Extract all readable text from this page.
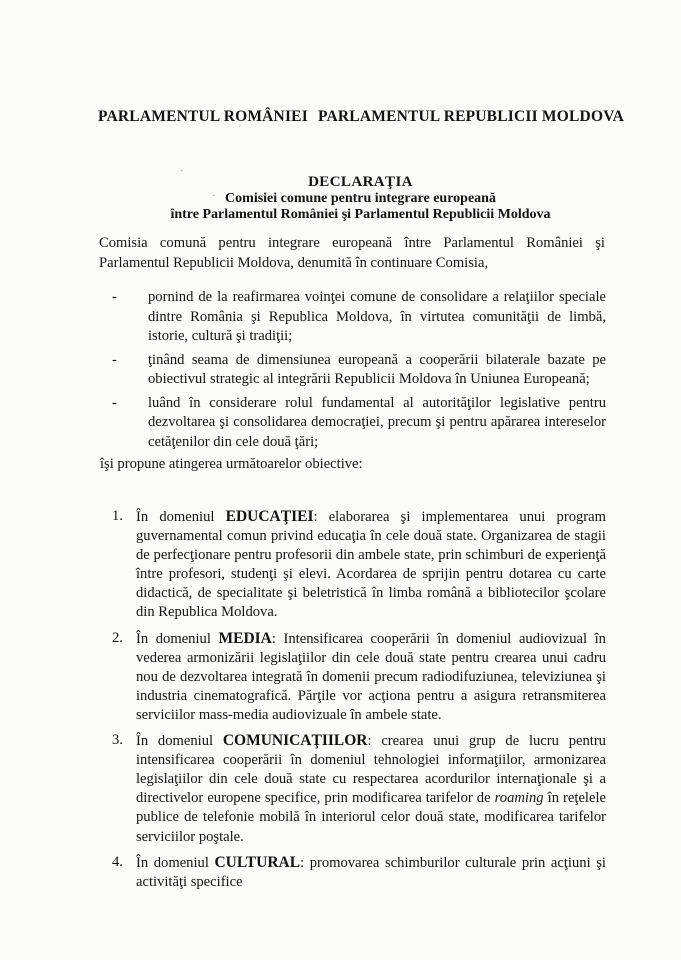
PARLAMENTUL ROMÂNIEI PARLAMENTUL REPUBLICII MOLDOVA
ˊ
ˎ
·
DECLARAŢIA
Comisiei comune pentru integrare europeană
între Parlamentul României şi Parlamentul Republicii Moldova
Comisia comună pentru integrare europeană între Parlamentul României şi Parlamentul Republicii Moldova, denumită în continuare Comisia,
- pornind de la reafirmarea voinţei comune de consolidare a relaţiilor speciale dintre România şi Republica Moldova, în virtutea comunităţii de limbă, istorie, cultură şi tradiţii;
- ţinând seama de dimensiunea europeană a cooperării bilaterale bazate pe obiectivul strategic al integrării Republicii Moldova în Uniunea Europeană;
- luând în considerare rolul fundamental al autorităţilor legislative pentru dezvoltarea şi consolidarea democraţiei, precum şi pentru apărarea intereselor cetăţenilor din cele două ţări;
îşi propune atingerea următoarelor obiective:
1. În domeniul EDUCAŢIEI: elaborarea şi implementarea unui program guvernamental comun privind educaţia în cele două state. Organizarea de stagii de perfecţionare pentru profesorii din ambele state, prin schimburi de experienţă între profesori, studenţi şi elevi. Acordarea de sprijin pentru dotarea cu carte didactică, de specialitate şi beletristică în limba română a bibliotecilor şcolare din Republica Moldova.
2. În domeniul MEDIA: Intensificarea cooperării în domeniul audiovizual în vederea armonizării legislaţiilor din cele două state pentru crearea unui cadru nou de dezvoltarea integrată în domenii precum radiodifuziunea, televiziunea şi industria cinematografică. Părţile vor acţiona pentru a asigura retransmiterea serviciilor mass-media audiovizuale în ambele state.
3. În domeniul COMUNICAŢIILOR: crearea unui grup de lucru pentru intensificarea cooperării în domeniul tehnologiei informaţiilor, armonizarea legislaţiilor din cele două state cu respectarea acordurilor internaţionale şi a directivelor europene specifice, prin modificarea tarifelor de roaming în reţelele publice de telefonie mobilă în interiorul celor două state, modificarea tarifelor serviciilor poştale.
4. În domeniul CULTURAL: promovarea schimburilor culturale prin acţiuni şi activităţi specifice
